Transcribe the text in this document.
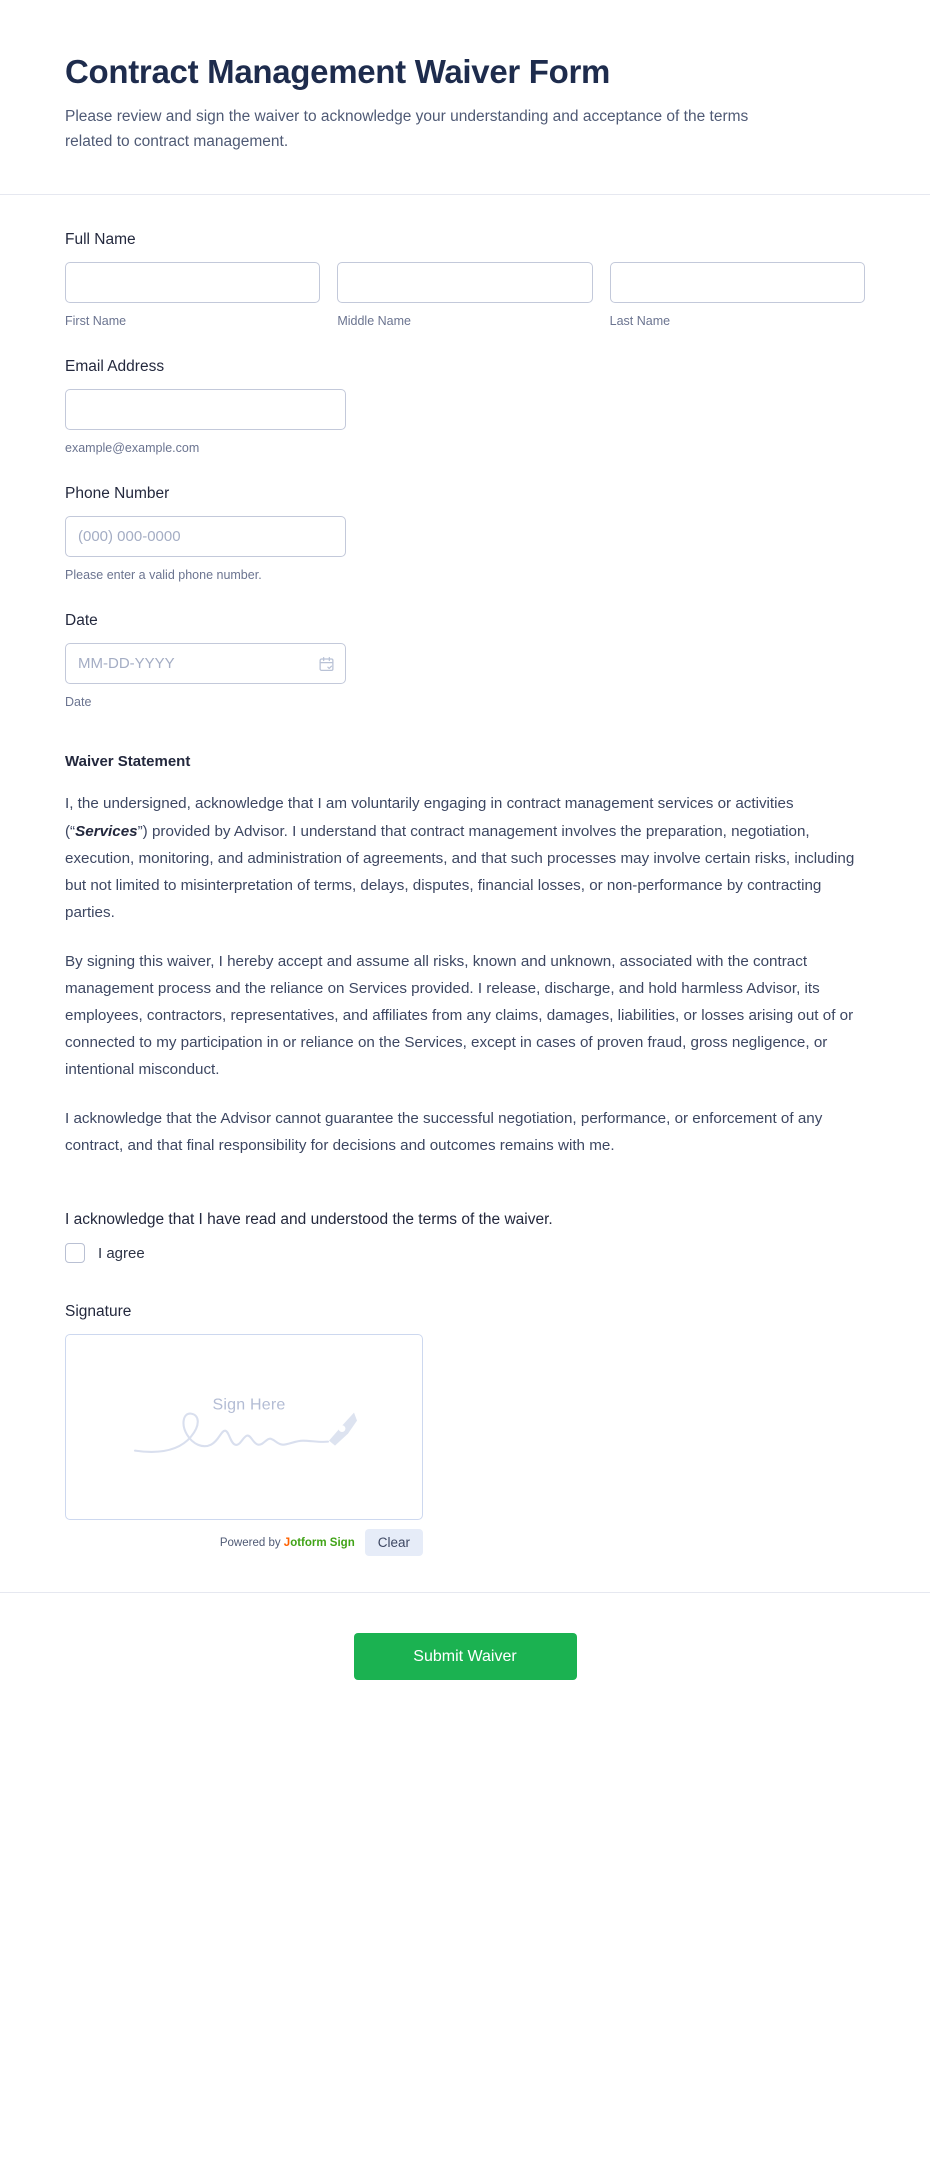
Contract Management Waiver Form

Please review and sign the waiver to acknowledge your understanding and acceptance of the terms related to contract management.

Full Name
First Name	Middle Name	Last Name
Email Address
example@example.com
Phone Number
(000) 000-0000
Please enter a valid phone number.
Date
MM-DD-YYYY
Date
Waiver Statement

I, the undersigned, acknowledge that I am voluntarily engaging in contract management services or activities (“Services”) provided by Advisor. I understand that contract management involves the preparation, negotiation, execution, monitoring, and administration of agreements, and that such processes may involve certain risks, including but not limited to misinterpretation of terms, delays, disputes, financial losses, or non-performance by contracting parties.

By signing this waiver, I hereby accept and assume all risks, known and unknown, associated with the contract management process and the reliance on Services provided. I release, discharge, and hold harmless Advisor, its employees, contractors, representatives, and affiliates from any claims, damages, liabilities, or losses arising out of or connected to my participation in or reliance on the Services, except in cases of proven fraud, gross negligence, or intentional misconduct.

I acknowledge that the Advisor cannot guarantee the successful negotiation, performance, or enforcement of any contract, and that final responsibility for decisions and outcomes remains with me.

I acknowledge that I have read and understood the terms of the waiver.

I agree
Signature
Sign Here
Powered by Jotform Sign	Clear
Submit Waiver
